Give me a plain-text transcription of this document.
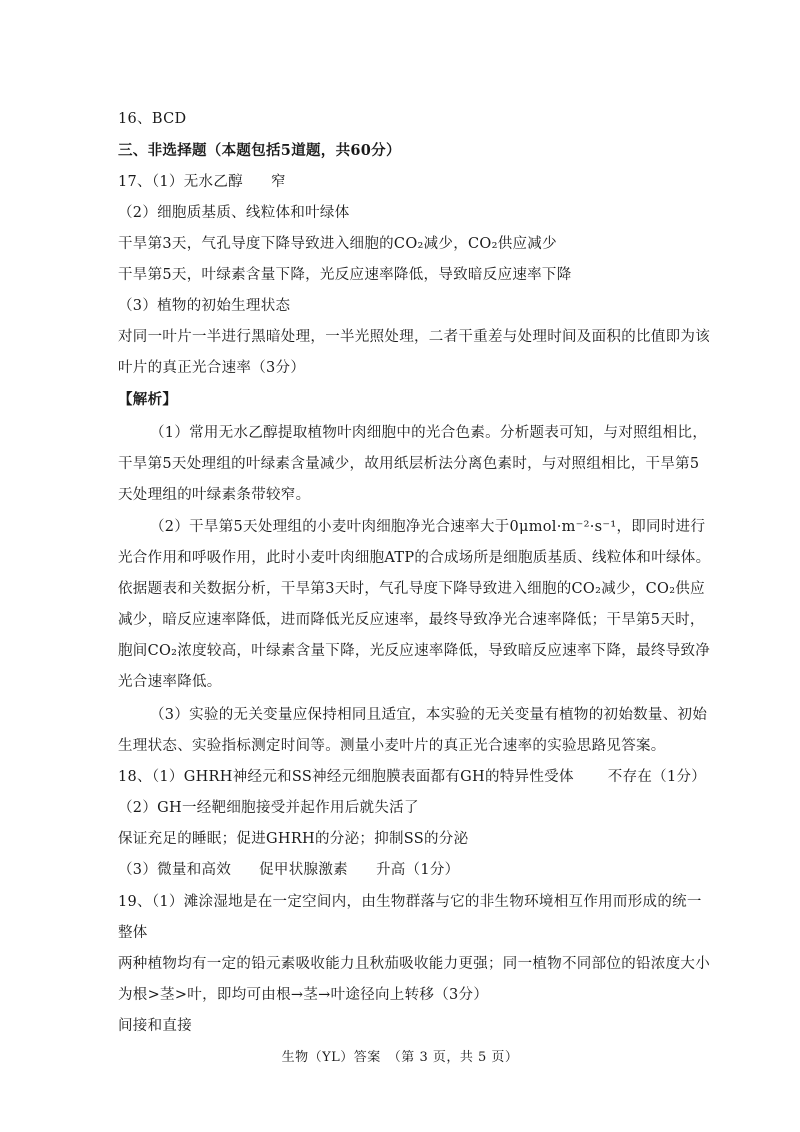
16、BCD
三、非选择题（本题包括5道题，共60分）
17、（1）无水乙醇 窄
（2）细胞质基质、线粒体和叶绿体
干旱第3天，气孔导度下降导致进入细胞的CO₂减少，CO₂供应减少
干旱第5天，叶绿素含量下降，光反应速率降低，导致暗反应速率下降
（3）植物的初始生理状态
对同一叶片一半进行黑暗处理，一半光照处理，二者干重差与处理时间及面积的比值即为该
叶片的真正光合速率（3分）
【解析】
（1）常用无水乙醇提取植物叶肉细胞中的光合色素。分析题表可知，与对照组相比，
干旱第5天处理组的叶绿素含量减少，故用纸层析法分离色素时，与对照组相比，干旱第5
天处理组的叶绿素条带较窄。
（2）干旱第5天处理组的小麦叶肉细胞净光合速率大于0μmol·m⁻²·s⁻¹，即同时进行
光合作用和呼吸作用，此时小麦叶肉细胞ATP的合成场所是细胞质基质、线粒体和叶绿体。
依据题表和关数据分析，干旱第3天时，气孔导度下降导致进入细胞的CO₂减少，CO₂供应
减少，暗反应速率降低，进而降低光反应速率，最终导致净光合速率降低；干旱第5天时，
胞间CO₂浓度较高，叶绿素含量下降，光反应速率降低，导致暗反应速率下降，最终导致净
光合速率降低。
（3）实验的无关变量应保持相同且适宜，本实验的无关变量有植物的初始数量、初始
生理状态、实验指标测定时间等。测量小麦叶片的真正光合速率的实验思路见答案。
18、（1）GHRH神经元和SS神经元细胞膜表面都有GH的特异性受体 不存在（1分）
（2）GH一经靶细胞接受并起作用后就失活了
保证充足的睡眠；促进GHRH的分泌；抑制SS的分泌
（3）微量和高效 促甲状腺激素 升高（1分）
19、（1）滩涂湿地是在一定空间内，由生物群落与它的非生物环境相互作用而形成的统一
整体
两种植物均有一定的铅元素吸收能力且秋茄吸收能力更强；同一植物不同部位的铅浓度大小
为根>茎>叶，即均可由根→茎→叶途径向上转移（3分）
间接和直接
生物（YL）答案　（第 3 页，共 5 页）
